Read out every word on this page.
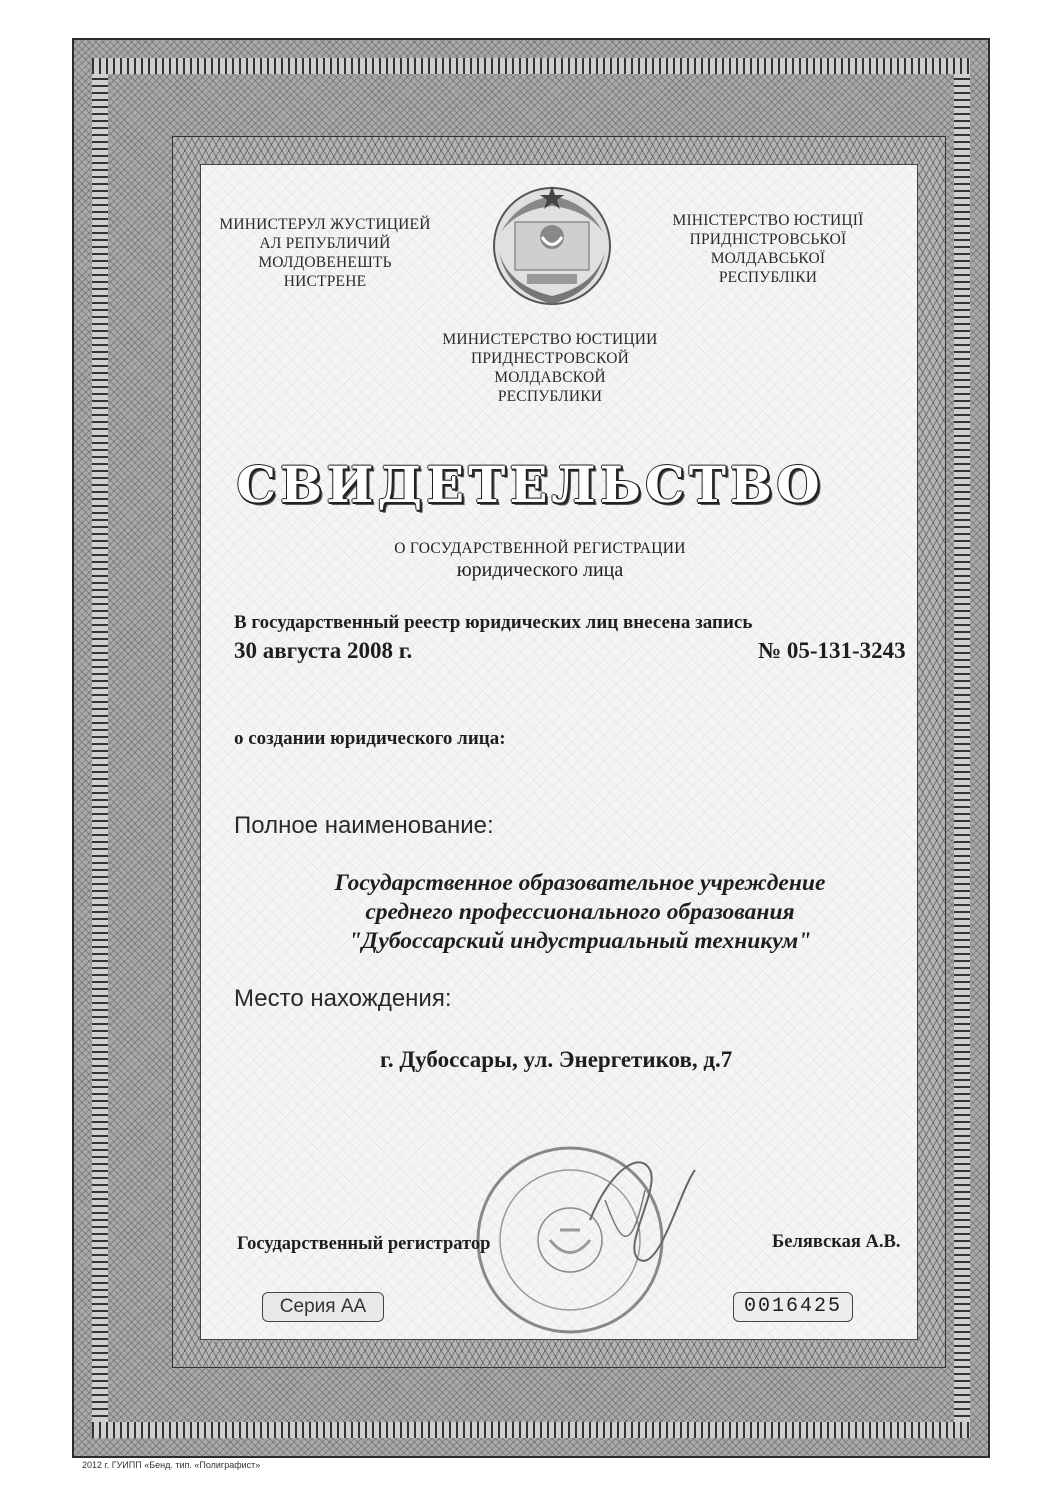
МИНИСТЕРУЛ ЖУСТИЦИЕЙ
АЛ РЕПУБЛИЧИЙ
МОЛДОВЕНЕШТЬ
НИСТРЕНЕ
МІНІСТЕРСТВО ЮСТИЦІЇ
ПРИДНІСТРОВСЬКОЇ
МОЛДАВСЬКОЇ
РЕСПУБЛІКИ
МИНИСТЕРСТВО ЮСТИЦИИ
ПРИДНЕСТРОВСКОЙ
МОЛДАВСКОЙ
РЕСПУБЛИКИ
СВИДЕТЕЛЬСТВО
О ГОСУДАРСТВЕННОЙ РЕГИСТРАЦИИ
юридического лица
В государственный реестр юридических лиц внесена запись
30 августа 2008 г.	№ 05-131-3243
о создании юридического лица:
Полное наименование:
Государственное образовательное учреждение
среднего профессионального образования
"Дубоссарский индустриальный техникум"
Место нахождения:
г. Дубоссары, ул. Энергетиков, д.7
Государственный регистратор	Белявская А.В.
Серия АА	0016425
2012 г. ГУИПП «Бенд. тип. «Полиграфист»
